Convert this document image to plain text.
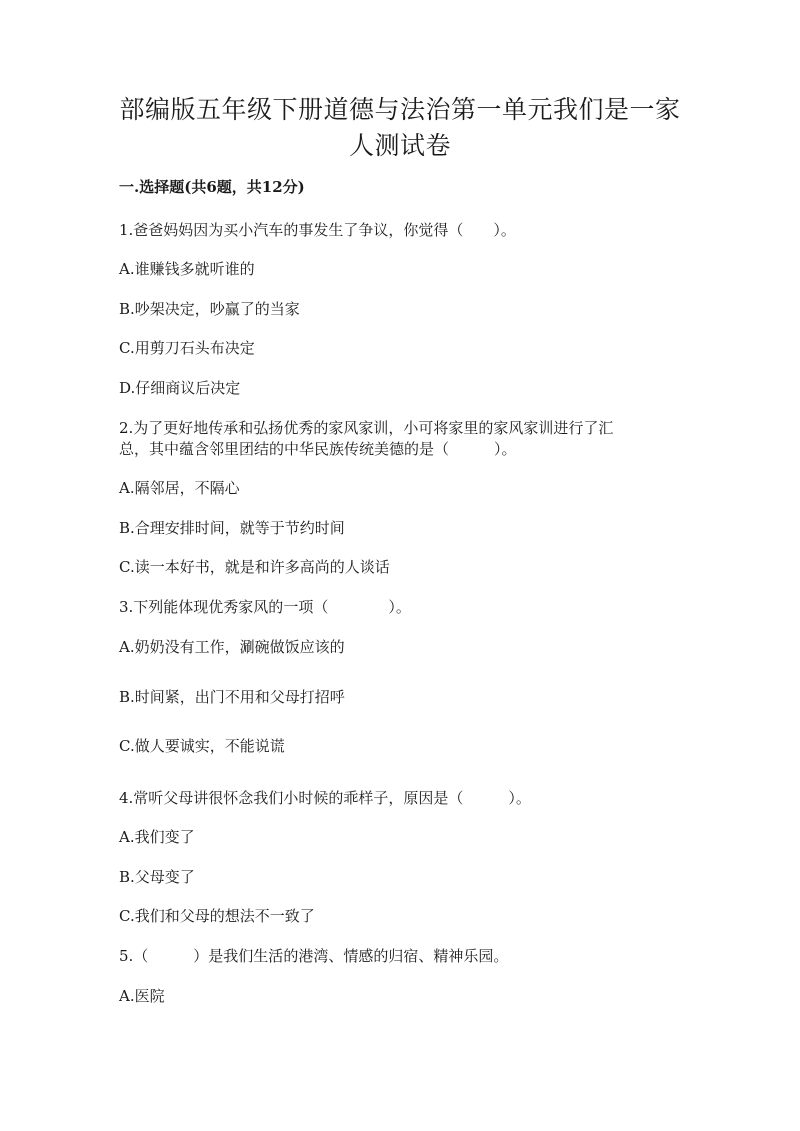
部编版五年级下册道德与法治第一单元我们是一家
人测试卷
一.选择题(共6题，共12分)
1.爸爸妈妈因为买小汽车的事发生了争议，你觉得（　　）。
A.谁赚钱多就听谁的
B.吵架决定，吵赢了的当家
C.用剪刀石头布决定
D.仔细商议后决定
2.为了更好地传承和弘扬优秀的家风家训，小可将家里的家风家训进行了汇
总，其中蕴含邻里团结的中华民族传统美德的是（　　　）。
A.隔邻居，不隔心
B.合理安排时间，就等于节约时间
C.读一本好书，就是和许多高尚的人谈话
3.下列能体现优秀家风的一项（　　　　）。
A.奶奶没有工作，涮碗做饭应该的
B.时间紧，出门不用和父母打招呼
C.做人要诚实，不能说谎
4.常听父母讲很怀念我们小时候的乖样子，原因是（　　　）。
A.我们变了
B.父母变了
C.我们和父母的想法不一致了
5.（　　　）是我们生活的港湾、情感的归宿、精神乐园。
A.医院
